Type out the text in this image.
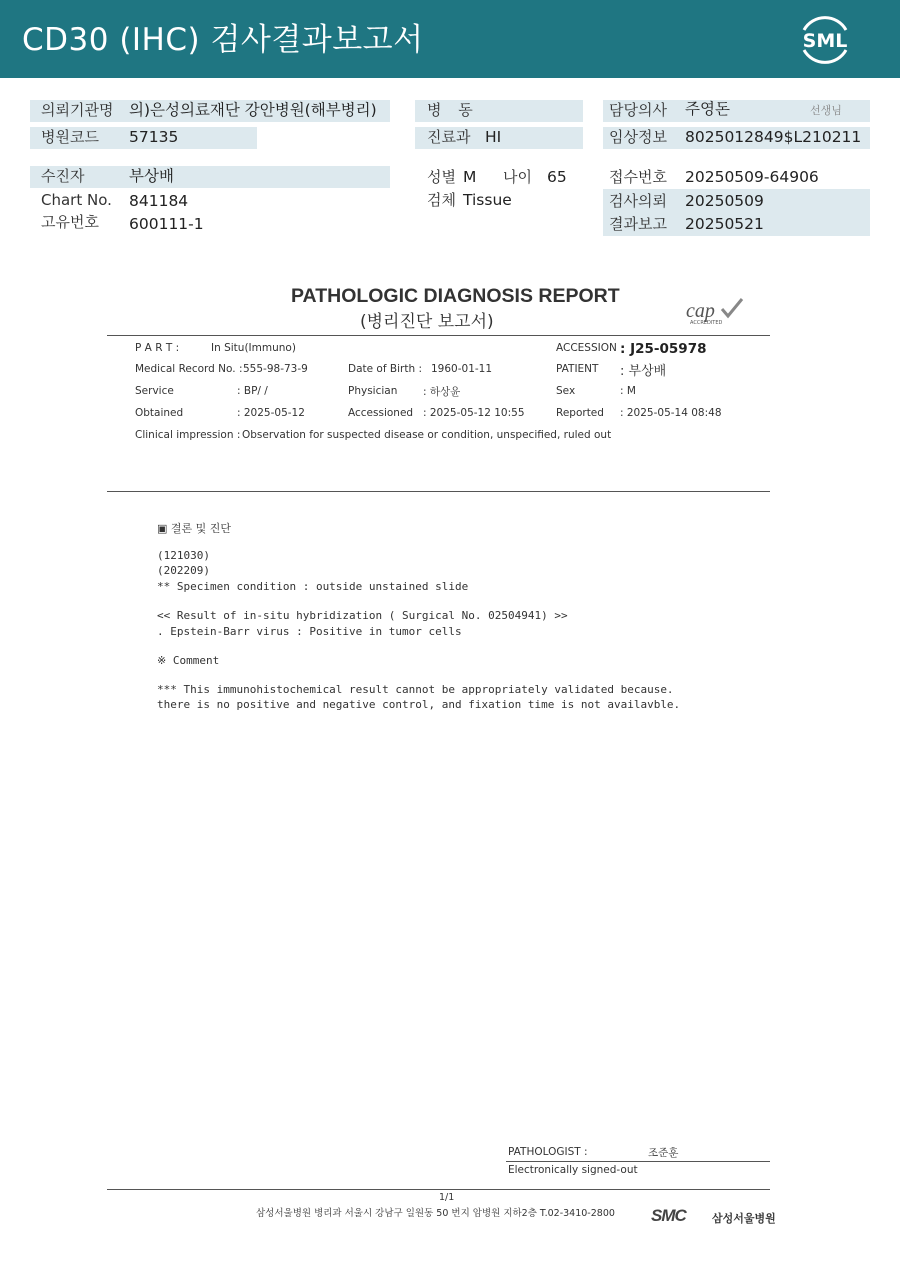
CD30 (IHC) 검사결과보고서	SML
의뢰기관명 의)은성의료재단 강안병원(해부병리)
병원코드 57135
병 동
진료과 HI
담당의사 주영돈	선생님
임상정보 8025012849$L210211
수진자	부상배
Chart No. 841184
고유번호 600111-1
성별 M 나이 65
검체 Tissue
접수번호 20250509-64906
검사의뢰 20250509
결과보고 20250521
PATHOLOGIC DIAGNOSIS REPORT
(병리진단 보고서)	cap
ACCREDITED
P A R T :	In Situ(Immuno)	ACCESSION : J25-05978
Medical Record No. : 555-98-73-9	Date of Birth : 1960-01-11	PATIENT : 부상배
Service	: BP/ /	Physician : 하상윤	Sex	: M
Obtained	: 2025-05-12	Accessioned : 2025-05-12 10:55	Reported : 2025-05-14 08:48
Clinical impression : Observation for suspected disease or condition, unspecified, ruled out
▣ 결론 및 진단
(121030)
(202209)
** Specimen condition : outside unstained slide
<< Result of in-situ hybridization ( Surgical No. 02504941) >>
. Epstein-Barr virus : Positive in tumor cells
※ Comment
*** This immunohistochemical result cannot be appropriately validated because.
there is no positive and negative control, and fixation time is not availavble.
PATHOLOGIST :	조준훈
Electronically signed-out
1/1
삼성서울병원 병리과 서울시 강남구 일원동 50 번지 암병원 지하2층 T.02-3410-2800 SMC 삼성서울병원
